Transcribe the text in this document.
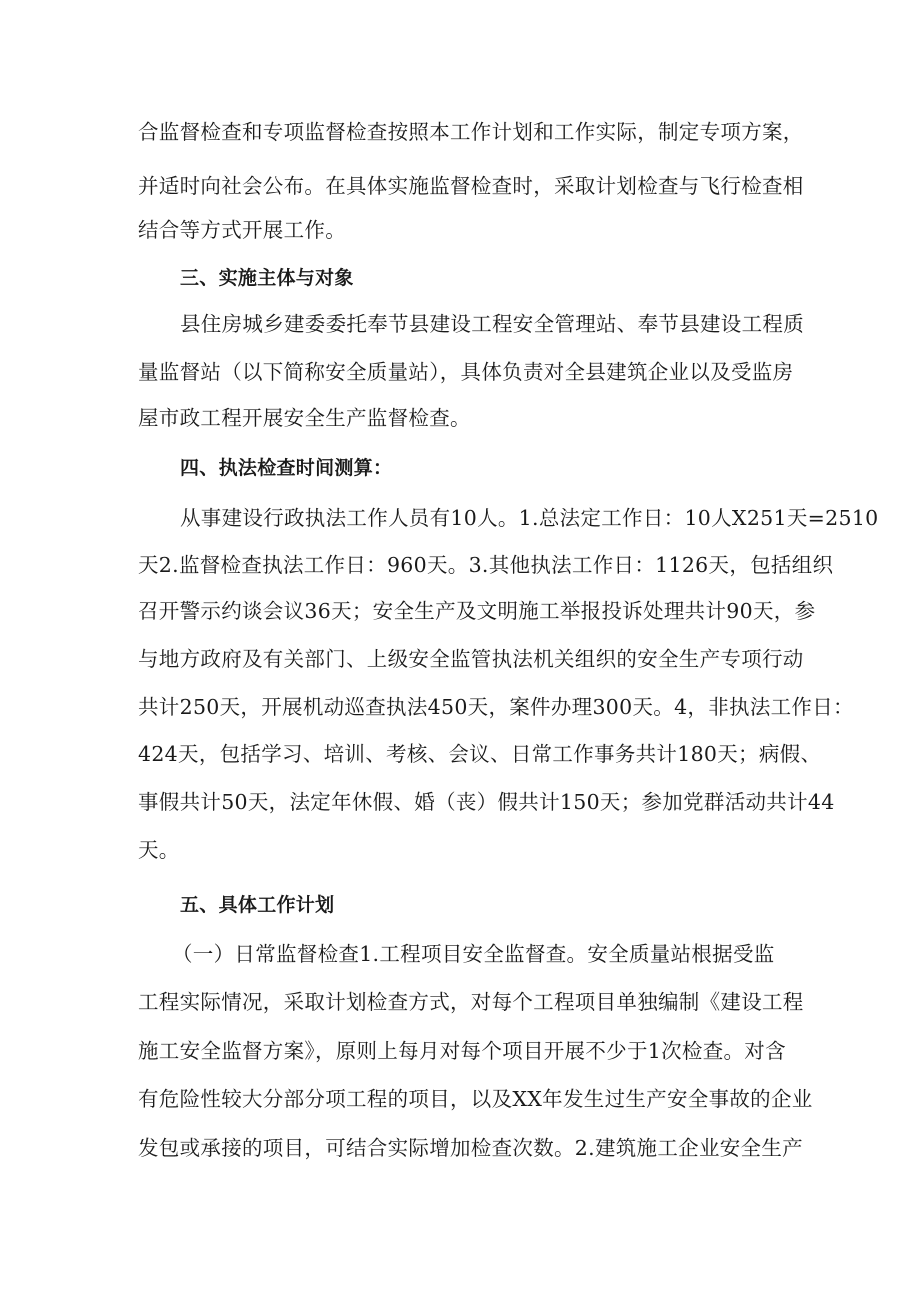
合监督检查和专项监督检查按照本工作计划和工作实际，制定专项方案，
并适时向社会公布。在具体实施监督检查时，采取计划检查与飞行检查相
结合等方式开展工作。
三、实施主体与对象
县住房城乡建委委托奉节县建设工程安全管理站、奉节县建设工程质
量监督站（以下简称安全质量站），具体负责对全县建筑企业以及受监房
屋市政工程开展安全生产监督检查。
四、执法检查时间测算：
从事建设行政执法工作人员有10人。1.总法定工作日：10人X251天=2510
天2.监督检查执法工作日：960天。3.其他执法工作日：1126天，包括组织
召开警示约谈会议36天；安全生产及文明施工举报投诉处理共计90天，参
与地方政府及有关部门、上级安全监管执法机关组织的安全生产专项行动
共计250天，开展机动巡查执法450天，案件办理300天。4，非执法工作日：
424天，包括学习、培训、考核、会议、日常工作事务共计180天；病假、
事假共计50天，法定年休假、婚（丧）假共计150天；参加党群活动共计44
天。
五、具体工作计划
（一）日常监督检查1.工程项目安全监督查。安全质量站根据受监
工程实际情况，采取计划检查方式，对每个工程项目单独编制《建设工程
施工安全监督方案》，原则上每月对每个项目开展不少于1次检查。对含
有危险性较大分部分项工程的项目，以及XX年发生过生产安全事故的企业
发包或承接的项目，可结合实际增加检查次数。2.建筑施工企业安全生产
